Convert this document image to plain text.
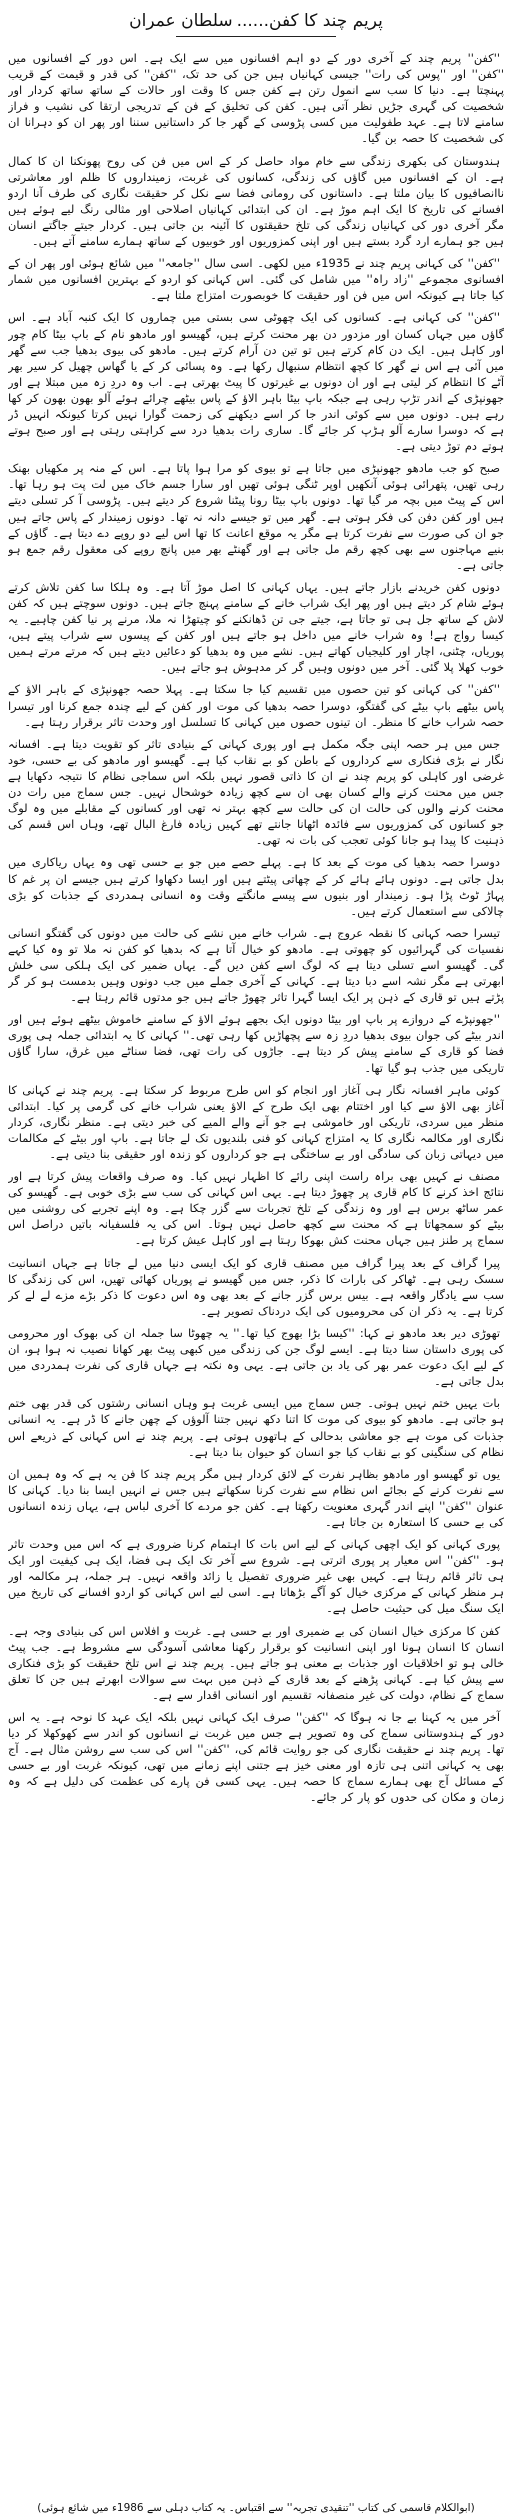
پریم چند کا کفن......سلطان عمران

''کفن'' پریم چند کے آخری دور کے دو اہم افسانوں میں سے ایک ہے۔ اس دور کے افسانوں میں ''کفن'' اور ''پوس کی رات'' جیسی کہانیاں ہیں جن کی حد تک، ''کفن'' کی قدر و قیمت کے قریب پہنچتا ہے۔ دنیا کا سب سے انمول رتن ہے کفن جس کا وقت اور حالات کے ساتھ ساتھ کردار اور شخصیت کی گہری جڑیں نظر آتی ہیں۔ کفن کی تخلیق کے فن کے تدریجی ارتقا کی نشیب و فراز سامنے لاتا ہے۔ عہد طفولیت میں کسی پڑوسی کے گھر جا کر داستانیں سننا اور پھر ان کو دہرانا ان کی شخصیت کا حصہ بن گیا۔

ہندوستان کی بکھری زندگی سے خام مواد حاصل کر کے اس میں فن کی روح پھونکنا ان کا کمال ہے۔ ان کے افسانوں میں گاؤں کی زندگی، کسانوں کی غربت، زمینداروں کا ظلم اور معاشرتی ناانصافیوں کا بیان ملتا ہے۔ داستانوں کی رومانی فضا سے نکل کر حقیقت نگاری کی طرف آنا اردو افسانے کی تاریخ کا ایک اہم موڑ ہے۔ ان کی ابتدائی کہانیاں اصلاحی اور مثالی رنگ لیے ہوئے ہیں مگر آخری دور کی کہانیاں زندگی کی تلخ حقیقتوں کا آئینہ بن جاتی ہیں۔ کردار جیتے جاگتے انسان ہیں جو ہمارے ارد گرد بستے ہیں اور اپنی کمزوریوں اور خوبیوں کے ساتھ ہمارے سامنے آتے ہیں۔

''کفن'' کی کہانی پریم چند نے 1935ء میں لکھی۔ اسی سال ''جامعہ'' میں شائع ہوئی اور پھر ان کے افسانوی مجموعے ''زاد راہ'' میں شامل کی گئی۔ اس کہانی کو اردو کے بہترین افسانوں میں شمار کیا جاتا ہے کیونکہ اس میں فن اور حقیقت کا خوبصورت امتزاج ملتا ہے۔

''کفن'' کی کہانی ہے۔ کسانوں کی ایک چھوٹی سی بستی میں چماروں کا ایک کنبہ آباد ہے۔ اس گاؤں میں جہاں کسان اور مزدور دن بھر محنت کرتے ہیں، گھیسو اور مادھو نام کے باپ بیٹا کام چور اور کاہل ہیں۔ ایک دن کام کرتے ہیں تو تین دن آرام کرتے ہیں۔ مادھو کی بیوی بدھیا جب سے گھر میں آئی ہے اس نے گھر کا کچھ انتظام سنبھال رکھا ہے۔ وہ پسائی کر کے یا گھاس چھیل کر سیر بھر آٹے کا انتظام کر لیتی ہے اور ان دونوں بے غیرتوں کا پیٹ بھرتی ہے۔ اب وہ دردِ زہ میں مبتلا ہے اور جھونپڑی کے اندر تڑپ رہی ہے جبکہ باپ بیٹا باہر الاؤ کے پاس بیٹھے چرائے ہوئے آلو بھون بھون کر کھا رہے ہیں۔ دونوں میں سے کوئی اندر جا کر اسے دیکھنے کی زحمت گوارا نہیں کرتا کیونکہ انہیں ڈر ہے کہ دوسرا سارے آلو ہڑپ کر جائے گا۔ ساری رات بدھیا درد سے کراہتی رہتی ہے اور صبح ہوتے ہوتے دم توڑ دیتی ہے۔

صبح کو جب مادھو جھونپڑی میں جاتا ہے تو بیوی کو مرا ہوا پاتا ہے۔ اس کے منہ پر مکھیاں بھنک رہی تھیں، پتھرائی ہوئی آنکھیں اوپر ٹنگی ہوئی تھیں اور سارا جسم خاک میں لت پت ہو رہا تھا۔ اس کے پیٹ میں بچہ مر گیا تھا۔ دونوں باپ بیٹا رونا پیٹنا شروع کر دیتے ہیں۔ پڑوسی آ کر تسلی دیتے ہیں اور کفن دفن کی فکر ہوتی ہے۔ گھر میں تو جیسے دانہ نہ تھا۔ دونوں زمیندار کے پاس جاتے ہیں جو ان کی صورت سے نفرت کرتا ہے مگر یہ موقع اعانت کا تھا اس لیے دو روپے دے دیتا ہے۔ گاؤں کے بنیے مہاجنوں سے بھی کچھ رقم مل جاتی ہے اور گھنٹے بھر میں پانچ روپے کی معقول رقم جمع ہو جاتی ہے۔

دونوں کفن خریدنے بازار جاتے ہیں۔ یہاں کہانی کا اصل موڑ آتا ہے۔ وہ ہلکا سا کفن تلاش کرتے ہوئے شام کر دیتے ہیں اور پھر ایک شراب خانے کے سامنے پہنچ جاتے ہیں۔ دونوں سوچتے ہیں کہ کفن لاش کے ساتھ جل ہی تو جاتا ہے، جیتے جی تن ڈھانکنے کو چیتھڑا نہ ملا، مرنے پر نیا کفن چاہیے۔ یہ کیسا رواج ہے! وہ شراب خانے میں داخل ہو جاتے ہیں اور کفن کے پیسوں سے شراب پیتے ہیں، پوریاں، چٹنی، اچار اور کلیجیاں کھاتے ہیں۔ نشے میں وہ بدھیا کو دعائیں دیتے ہیں کہ مرتے مرتے ہمیں خوب کھلا پلا گئی۔ آخر میں دونوں وہیں گر کر مدہوش ہو جاتے ہیں۔

''کفن'' کی کہانی کو تین حصوں میں تقسیم کیا جا سکتا ہے۔ پہلا حصہ جھونپڑی کے باہر الاؤ کے پاس بیٹھے باپ بیٹے کی گفتگو، دوسرا حصہ بدھیا کی موت اور کفن کے لیے چندہ جمع کرنا اور تیسرا حصہ شراب خانے کا منظر۔ ان تینوں حصوں میں کہانی کا تسلسل اور وحدت تاثر برقرار رہتا ہے۔

جس میں ہر حصہ اپنی جگہ مکمل ہے اور پوری کہانی کے بنیادی تاثر کو تقویت دیتا ہے۔ افسانہ نگار نے بڑی فنکاری سے کرداروں کے باطن کو بے نقاب کیا ہے۔ گھیسو اور مادھو کی بے حسی، خود غرضی اور کاہلی کو پریم چند نے ان کا ذاتی قصور نہیں بلکہ اس سماجی نظام کا نتیجہ دکھایا ہے جس میں محنت کرنے والے کسان بھی ان سے کچھ زیادہ خوشحال نہیں۔ جس سماج میں رات دن محنت کرنے والوں کی حالت ان کی حالت سے کچھ بہتر نہ تھی اور کسانوں کے مقابلے میں وہ لوگ جو کسانوں کی کمزوریوں سے فائدہ اٹھانا جانتے تھے کہیں زیادہ فارغ البال تھے، وہاں اس قسم کی ذہنیت کا پیدا ہو جانا کوئی تعجب کی بات نہ تھی۔

دوسرا حصہ بدھیا کی موت کے بعد کا ہے۔ پہلے حصے میں جو بے حسی تھی وہ یہاں ریاکاری میں بدل جاتی ہے۔ دونوں ہائے ہائے کر کے چھاتی پیٹتے ہیں اور ایسا دکھاوا کرتے ہیں جیسے ان پر غم کا پہاڑ ٹوٹ پڑا ہو۔ زمیندار اور بنیوں سے پیسے مانگتے وقت وہ انسانی ہمدردی کے جذبات کو بڑی چالاکی سے استعمال کرتے ہیں۔

تیسرا حصہ کہانی کا نقطہ عروج ہے۔ شراب خانے میں نشے کی حالت میں دونوں کی گفتگو انسانی نفسیات کی گہرائیوں کو چھوتی ہے۔ مادھو کو خیال آتا ہے کہ بدھیا کو کفن نہ ملا تو وہ کیا کہے گی۔ گھیسو اسے تسلی دیتا ہے کہ لوگ اسے کفن دیں گے۔ یہاں ضمیر کی ایک ہلکی سی خلش ابھرتی ہے مگر نشہ اسے دبا دیتا ہے۔ کہانی کے آخری جملے میں جب دونوں وہیں بدمست ہو کر گر پڑتے ہیں تو قاری کے ذہن پر ایک ایسا گہرا تاثر چھوڑ جاتے ہیں جو مدتوں قائم رہتا ہے۔

''جھونپڑے کے دروازے پر باپ اور بیٹا دونوں ایک بجھے ہوئے الاؤ کے سامنے خاموش بیٹھے ہوئے ہیں اور اندر بیٹے کی جوان بیوی بدھیا دردِ زہ سے پچھاڑیں کھا رہی تھی۔'' کہانی کا یہ ابتدائی جملہ ہی پوری فضا کو قاری کے سامنے پیش کر دیتا ہے۔ جاڑوں کی رات تھی، فضا سناٹے میں غرق، سارا گاؤں تاریکی میں جذب ہو گیا تھا۔

کوئی ماہر افسانہ نگار ہی آغاز اور انجام کو اس طرح مربوط کر سکتا ہے۔ پریم چند نے کہانی کا آغاز بھی الاؤ سے کیا اور اختتام بھی ایک طرح کے الاؤ یعنی شراب خانے کی گرمی پر کیا۔ ابتدائی منظر میں سردی، تاریکی اور خاموشی ہے جو آنے والے المیے کی خبر دیتی ہے۔ منظر نگاری، کردار نگاری اور مکالمہ نگاری کا یہ امتزاج کہانی کو فنی بلندیوں تک لے جاتا ہے۔ باپ اور بیٹے کے مکالمات میں دیہاتی زبان کی سادگی اور بے ساختگی ہے جو کرداروں کو زندہ اور حقیقی بنا دیتی ہے۔

مصنف نے کہیں بھی براہ راست اپنی رائے کا اظہار نہیں کیا۔ وہ صرف واقعات پیش کرتا ہے اور نتائج اخذ کرنے کا کام قاری پر چھوڑ دیتا ہے۔ یہی اس کہانی کی سب سے بڑی خوبی ہے۔ گھیسو کی عمر ساٹھ برس ہے اور وہ زندگی کے تلخ تجربات سے گزر چکا ہے۔ وہ اپنے تجربے کی روشنی میں بیٹے کو سمجھاتا ہے کہ محنت سے کچھ حاصل نہیں ہوتا۔ اس کی یہ فلسفیانہ باتیں دراصل اس سماج پر طنز ہیں جہاں محنت کش بھوکا رہتا ہے اور کاہل عیش کرتا ہے۔

پیرا گراف کے بعد پیرا گراف میں مصنف قاری کو ایک ایسی دنیا میں لے جاتا ہے جہاں انسانیت سسک رہی ہے۔ ٹھاکر کی بارات کا ذکر، جس میں گھیسو نے پوریاں کھائی تھیں، اس کی زندگی کا سب سے یادگار واقعہ ہے۔ بیس برس گزر جانے کے بعد بھی وہ اس دعوت کا ذکر بڑے مزے لے لے کر کرتا ہے۔ یہ ذکر ان کی محرومیوں کی ایک دردناک تصویر ہے۔

تھوڑی دیر بعد مادھو نے کہا: ''کیسا بڑا بھوج کیا تھا۔'' یہ چھوٹا سا جملہ ان کی بھوک اور محرومی کی پوری داستان سنا دیتا ہے۔ ایسے لوگ جن کی زندگی میں کبھی پیٹ بھر کھانا نصیب نہ ہوا ہو، ان کے لیے ایک دعوت عمر بھر کی یاد بن جاتی ہے۔ یہی وہ نکتہ ہے جہاں قاری کی نفرت ہمدردی میں بدل جاتی ہے۔

بات یہیں ختم نہیں ہوتی۔ جس سماج میں ایسی غربت ہو وہاں انسانی رشتوں کی قدر بھی ختم ہو جاتی ہے۔ مادھو کو بیوی کی موت کا اتنا دکھ نہیں جتنا آلوؤں کے چھن جانے کا ڈر ہے۔ یہ انسانی جذبات کی موت ہے جو معاشی بدحالی کے ہاتھوں ہوتی ہے۔ پریم چند نے اس کہانی کے ذریعے اس نظام کی سنگینی کو بے نقاب کیا جو انسان کو حیوان بنا دیتا ہے۔

یوں تو گھیسو اور مادھو بظاہر نفرت کے لائق کردار ہیں مگر پریم چند کا فن یہ ہے کہ وہ ہمیں ان سے نفرت کرنے کے بجائے اس نظام سے نفرت کرنا سکھاتے ہیں جس نے انہیں ایسا بنا دیا۔ کہانی کا عنوان ''کفن'' اپنے اندر گہری معنویت رکھتا ہے۔ کفن جو مردے کا آخری لباس ہے، یہاں زندہ انسانوں کی بے حسی کا استعارہ بن جاتا ہے۔

پوری کہانی کو ایک اچھی کہانی کے لیے اس بات کا اہتمام کرنا ضروری ہے کہ اس میں وحدت تاثر ہو۔ ''کفن'' اس معیار پر پوری اترتی ہے۔ شروع سے آخر تک ایک ہی فضا، ایک ہی کیفیت اور ایک ہی تاثر قائم رہتا ہے۔ کہیں بھی غیر ضروری تفصیل یا زائد واقعہ نہیں۔ ہر جملہ، ہر مکالمہ اور ہر منظر کہانی کے مرکزی خیال کو آگے بڑھاتا ہے۔ اسی لیے اس کہانی کو اردو افسانے کی تاریخ میں ایک سنگ میل کی حیثیت حاصل ہے۔

کفن کا مرکزی خیال انسان کی بے ضمیری اور بے حسی ہے۔ غربت و افلاس اس کی بنیادی وجہ ہے۔ انسان کا انسان ہونا اور اپنی انسانیت کو برقرار رکھنا معاشی آسودگی سے مشروط ہے۔ جب پیٹ خالی ہو تو اخلاقیات اور جذبات بے معنی ہو جاتے ہیں۔ پریم چند نے اس تلخ حقیقت کو بڑی فنکاری سے پیش کیا ہے۔ کہانی پڑھنے کے بعد قاری کے ذہن میں بہت سے سوالات ابھرتے ہیں جن کا تعلق سماج کے نظام، دولت کی غیر منصفانہ تقسیم اور انسانی اقدار سے ہے۔

آخر میں یہ کہنا بے جا نہ ہوگا کہ ''کفن'' صرف ایک کہانی نہیں بلکہ ایک عہد کا نوحہ ہے۔ یہ اس دور کے ہندوستانی سماج کی وہ تصویر ہے جس میں غربت نے انسانوں کو اندر سے کھوکھلا کر دیا تھا۔ پریم چند نے حقیقت نگاری کی جو روایت قائم کی، ''کفن'' اس کی سب سے روشن مثال ہے۔ آج بھی یہ کہانی اتنی ہی تازہ اور معنی خیز ہے جتنی اپنے زمانے میں تھی، کیونکہ غربت اور بے حسی کے مسائل آج بھی ہمارے سماج کا حصہ ہیں۔ یہی کسی فن پارے کی عظمت کی دلیل ہے کہ وہ زمان و مکان کی حدوں کو پار کر جائے۔

(ابوالکلام قاسمی کی کتاب ''تنقیدی تجربہ'' سے اقتباس۔ یہ کتاب دہلی سے 1986ء میں شائع ہوئی)
